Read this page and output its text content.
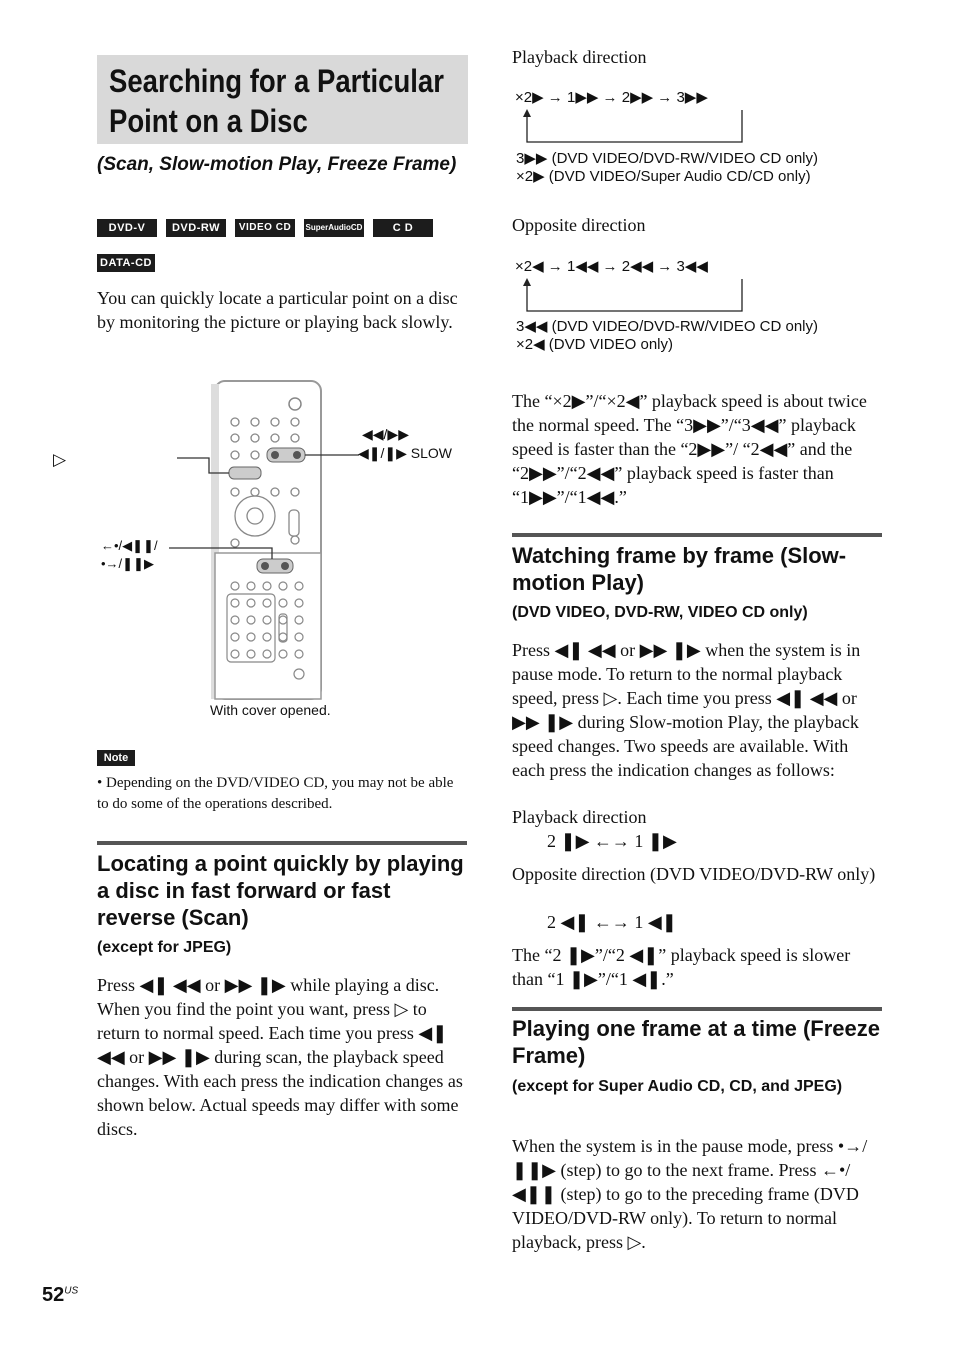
Searching for a Particular
Point on a Disc
(Scan, Slow-motion Play, Freeze Frame)
DVD-V	DVD-RW	VIDEO CD	SuperAudioCD	C D
DATA-CD
You can quickly locate a particular point on a disc by monitoring the picture or playing back slowly.
▷
◀◀/▶▶
◀❚/❚▶ SLOW
←•/◀❚❚/
•→/❚❚▶
With cover opened.
Note
• Depending on the DVD/VIDEO CD, you may not be able to do some of the operations described.
Locating a point quickly by playing a disc in fast forward or fast reverse (Scan)
(except for JPEG)
Press ◀❚ ◀◀ or ▶▶ ❚▶ while playing a disc. When you find the point you want, press ▷ to return to normal speed. Each time you press ◀❚ ◀◀ or ▶▶ ❚▶ during scan, the playback speed changes. With each press the indication changes as shown below. Actual speeds may differ with some discs.
Playback direction
×2▶ → 1▶▶ → 2▶▶ → 3▶▶
3▶▶ (DVD VIDEO/DVD-RW/VIDEO CD only)
×2▶ (DVD VIDEO/Super Audio CD/CD only)
Opposite direction
×2◀ → 1◀◀ → 2◀◀ → 3◀◀
3◀◀ (DVD VIDEO/DVD-RW/VIDEO CD only)
×2◀ (DVD VIDEO only)
The “×2▶”/“×2◀” playback speed is about twice the normal speed. The “3▶▶”/“3◀◀” playback speed is faster than the “2▶▶”/ “2◀◀” and the “2▶▶”/“2◀◀” playback speed is faster than “1▶▶”/“1◀◀.”
Watching frame by frame (Slow-motion Play)
(DVD VIDEO, DVD-RW, VIDEO CD only)
Press ◀❚ ◀◀ or ▶▶ ❚▶ when the system is in pause mode. To return to the normal playback speed, press ▷. Each time you press ◀❚ ◀◀ or ▶▶ ❚▶ during Slow-motion Play, the playback speed changes. Two speeds are available. With each press the indication changes as follows:
Playback direction
2 ❚▶ ←→ 1 ❚▶
Opposite direction (DVD VIDEO/DVD-RW only)
2 ◀❚ ←→ 1 ◀❚
The “2 ❚▶”/“2 ◀❚” playback speed is slower than “1 ❚▶”/“1 ◀❚.”
Playing one frame at a time (Freeze Frame)
(except for Super Audio CD, CD, and JPEG)
When the system is in the pause mode, press •→/❚❚▶ (step) to go to the next frame. Press ←•/◀❚❚ (step) to go to the preceding frame (DVD VIDEO/DVD-RW only). To return to normal playback, press ▷.
$52^{US}$
